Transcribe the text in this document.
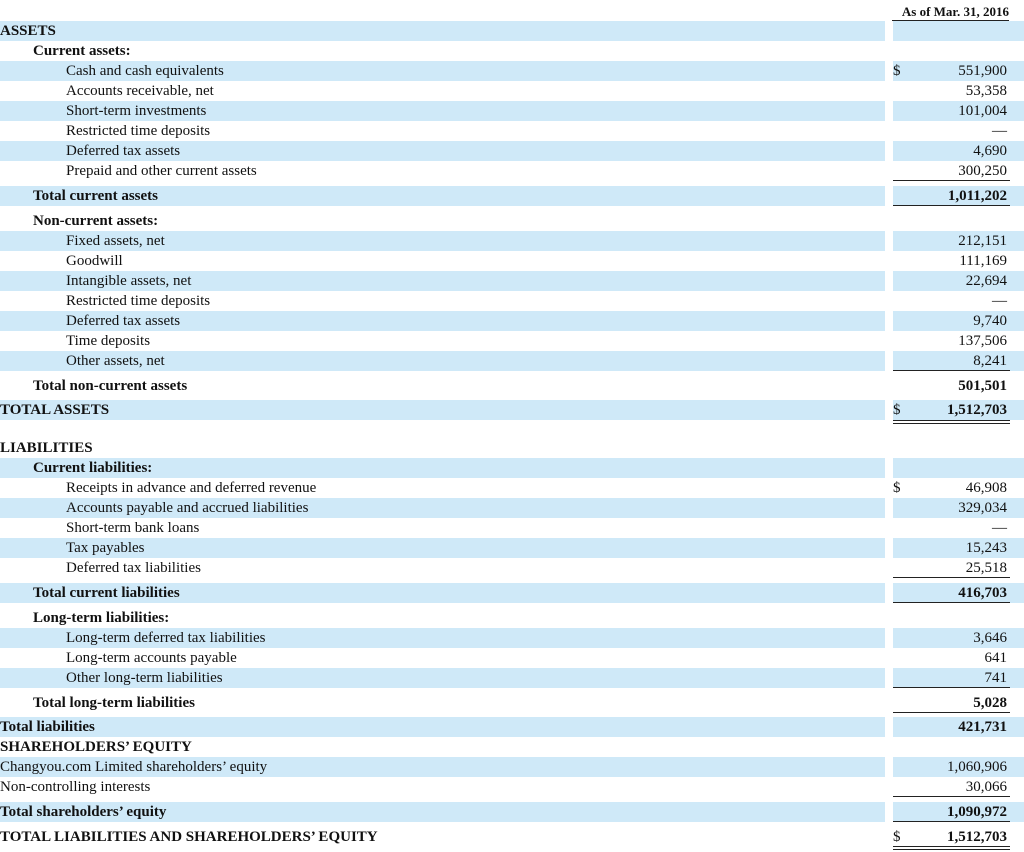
As of Mar. 31, 2016
ASSETS
Current assets:
Cash and cash equivalents	$	551,900
Accounts receivable, net	53,358
Short-term investments	101,004
Restricted time deposits	—
Deferred tax assets	4,690
Prepaid and other current assets	300,250
Total current assets	1,011,202
Non-current assets:
Fixed assets, net	212,151
Goodwill	111,169
Intangible assets, net	22,694
Restricted time deposits	—
Deferred tax assets	9,740
Time deposits	137,506
Other assets, net	8,241
Total non-current assets	501,501
TOTAL ASSETS	$	1,512,703
LIABILITIES
Current liabilities:
Receipts in advance and deferred revenue	$	46,908
Accounts payable and accrued liabilities	329,034
Short-term bank loans	—
Tax payables	15,243
Deferred tax liabilities	25,518
Total current liabilities	416,703
Long-term liabilities:
Long-term deferred tax liabilities	3,646
Long-term accounts payable	641
Other long-term liabilities	741
Total long-term liabilities	5,028
Total liabilities	421,731
SHAREHOLDERS’ EQUITY
Changyou.com Limited shareholders’ equity	1,060,906
Non-controlling interests	30,066
Total shareholders’ equity	1,090,972
TOTAL LIABILITIES AND SHAREHOLDERS’ EQUITY	$	1,512,703
